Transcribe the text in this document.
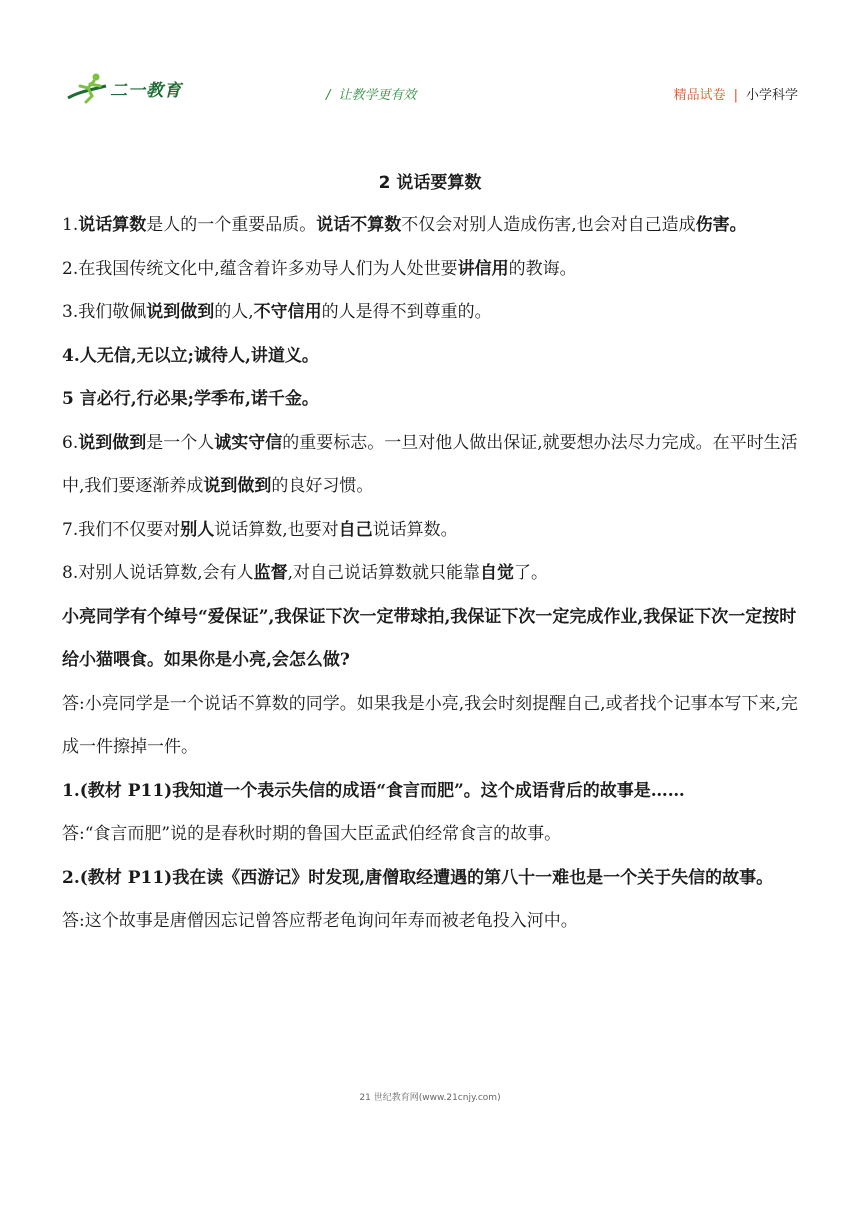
二一教育	/ 让教学更有效	精品试卷 | 小学科学
2 说话要算数

1.说话算数是人的一个重要品质。说话不算数不仅会对别人造成伤害,也会对自己造成伤害。

2.在我国传统文化中,蕴含着许多劝导人们为人处世要讲信用的教诲。

3.我们敬佩说到做到的人,不守信用的人是得不到尊重的。

4.人无信,无以立;诚待人,讲道义。

5 言必行,行必果;学季布,诺千金。

6.说到做到是一个人诚实守信的重要标志。一旦对他人做出保证,就要想办法尽力完成。在平时生活中,我们要逐渐养成说到做到的良好习惯。

7.我们不仅要对别人说话算数,也要对自己说话算数。

8.对别人说话算数,会有人监督,对自己说话算数就只能靠自觉了。

小亮同学有个绰号“爱保证”,我保证下次一定带球拍,我保证下次一定完成作业,我保证下次一定按时给小猫喂食。如果你是小亮,会怎么做?

答:小亮同学是一个说话不算数的同学。如果我是小亮,我会时刻提醒自己,或者找个记事本写下来,完成一件擦掉一件。

1.(教材 P11)我知道一个表示失信的成语“食言而肥”。这个成语背后的故事是……

答:“食言而肥”说的是春秋时期的鲁国大臣孟武伯经常食言的故事。

2.(教材 P11)我在读《西游记》时发现,唐僧取经遭遇的第八十一难也是一个关于失信的故事。

答:这个故事是唐僧因忘记曾答应帮老龟询问年寿而被老龟投入河中。

21 世纪教育网(www.21cnjy.com)
